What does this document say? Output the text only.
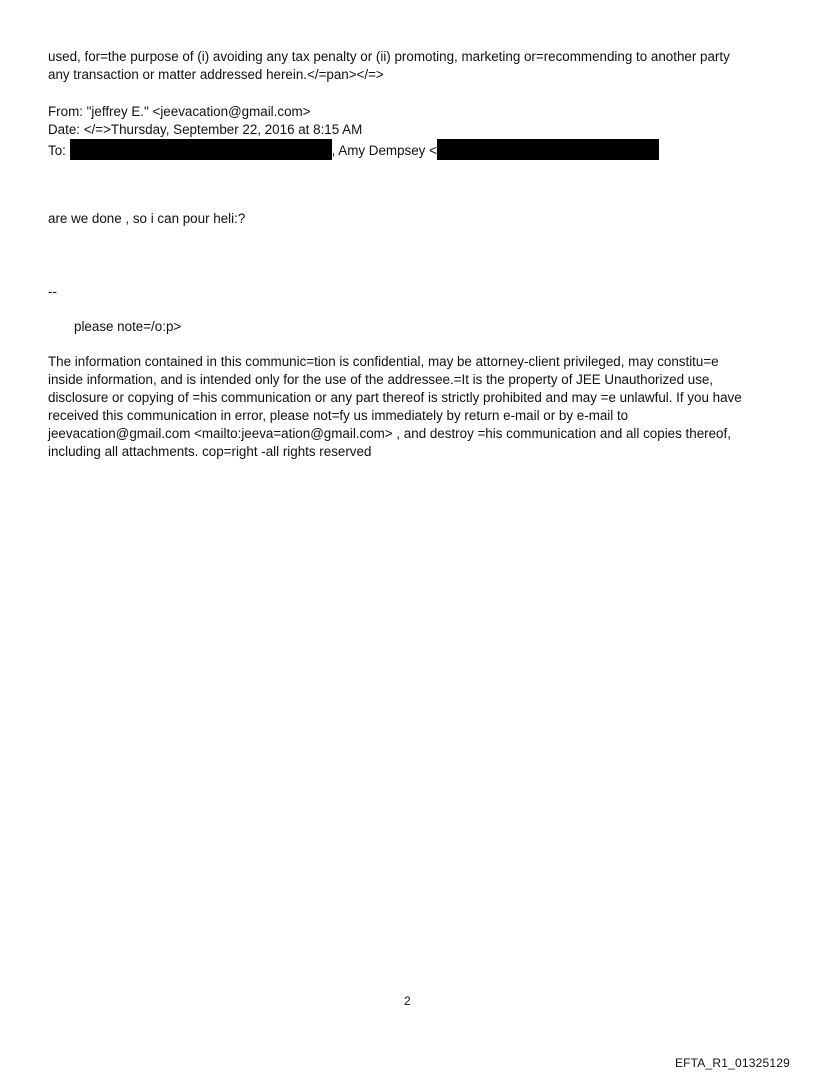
used, for=the purpose of (i) avoiding any tax penalty or (ii) promoting, marketing or=recommending to another party
any transaction or matter addressed herein.</=pan></=>
From: "jeffrey E." <jeevacation@gmail.com>
Date: </=>Thursday, September 22, 2016 at 8:15 AM
To:	, Amy Dempsey <
are we done , so i can pour heli:?
--
please note=/o:p>
The information contained in this communic=tion is confidential, may be attorney-client privileged, may constitu=e
inside information, and is intended only for the use of the addressee.=It is the property of JEE Unauthorized use,
disclosure or copying of =his communication or any part thereof is strictly prohibited and may =e unlawful. If you have
received this communication in error, please not=fy us immediately by return e-mail or by e-mail to
jeevacation@gmail.com <mailto:jeeva=ation@gmail.com> , and destroy =his communication and all copies thereof,
including all attachments. cop=right -all rights reserved
2
EFTA_R1_01325129
